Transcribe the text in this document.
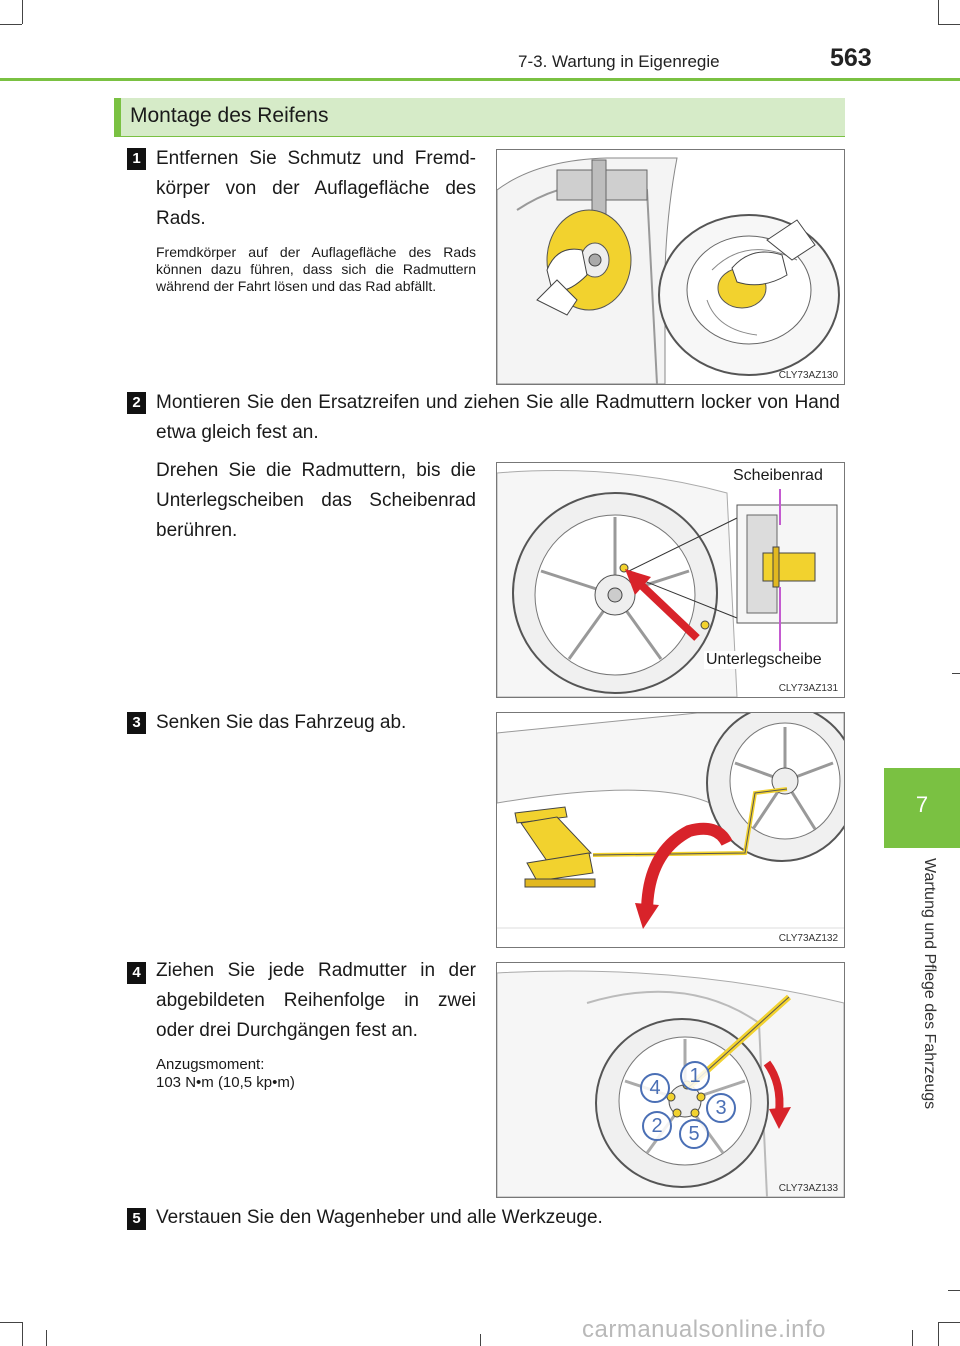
7-3. Wartung in Eigenregie	563
Montage des Reifens
7
Wartung und Pflege des Fahrzeugs
1 Entfernen Sie Schmutz und Fremdkörper von der Auflagefläche des Rads.
Fremdkörper auf der Auflagefläche des Rads können dazu führen, dass sich die Radmuttern während der Fahrt lösen und das Rad abfällt.
CLY73AZ130
2 Montieren Sie den Ersatzreifen und ziehen Sie alle Radmuttern locker von Hand etwa gleich fest an.
Drehen Sie die Radmuttern, bis die Unterlegscheiben das Scheibenrad berühren.
Scheibenrad
Unterlegscheibe
CLY73AZ131
3 Senken Sie das Fahrzeug ab.
CLY73AZ132
4 Ziehen Sie jede Radmutter in der abgebildeten Reihenfolge in zwei oder drei Durchgängen fest an.
Anzugsmoment:
103 N•m (10,5 kp•m)	1
2
3
4
5
CLY73AZ133
5 Verstauen Sie den Wagenheber und alle Werkzeuge.
carmanualsonline.info
